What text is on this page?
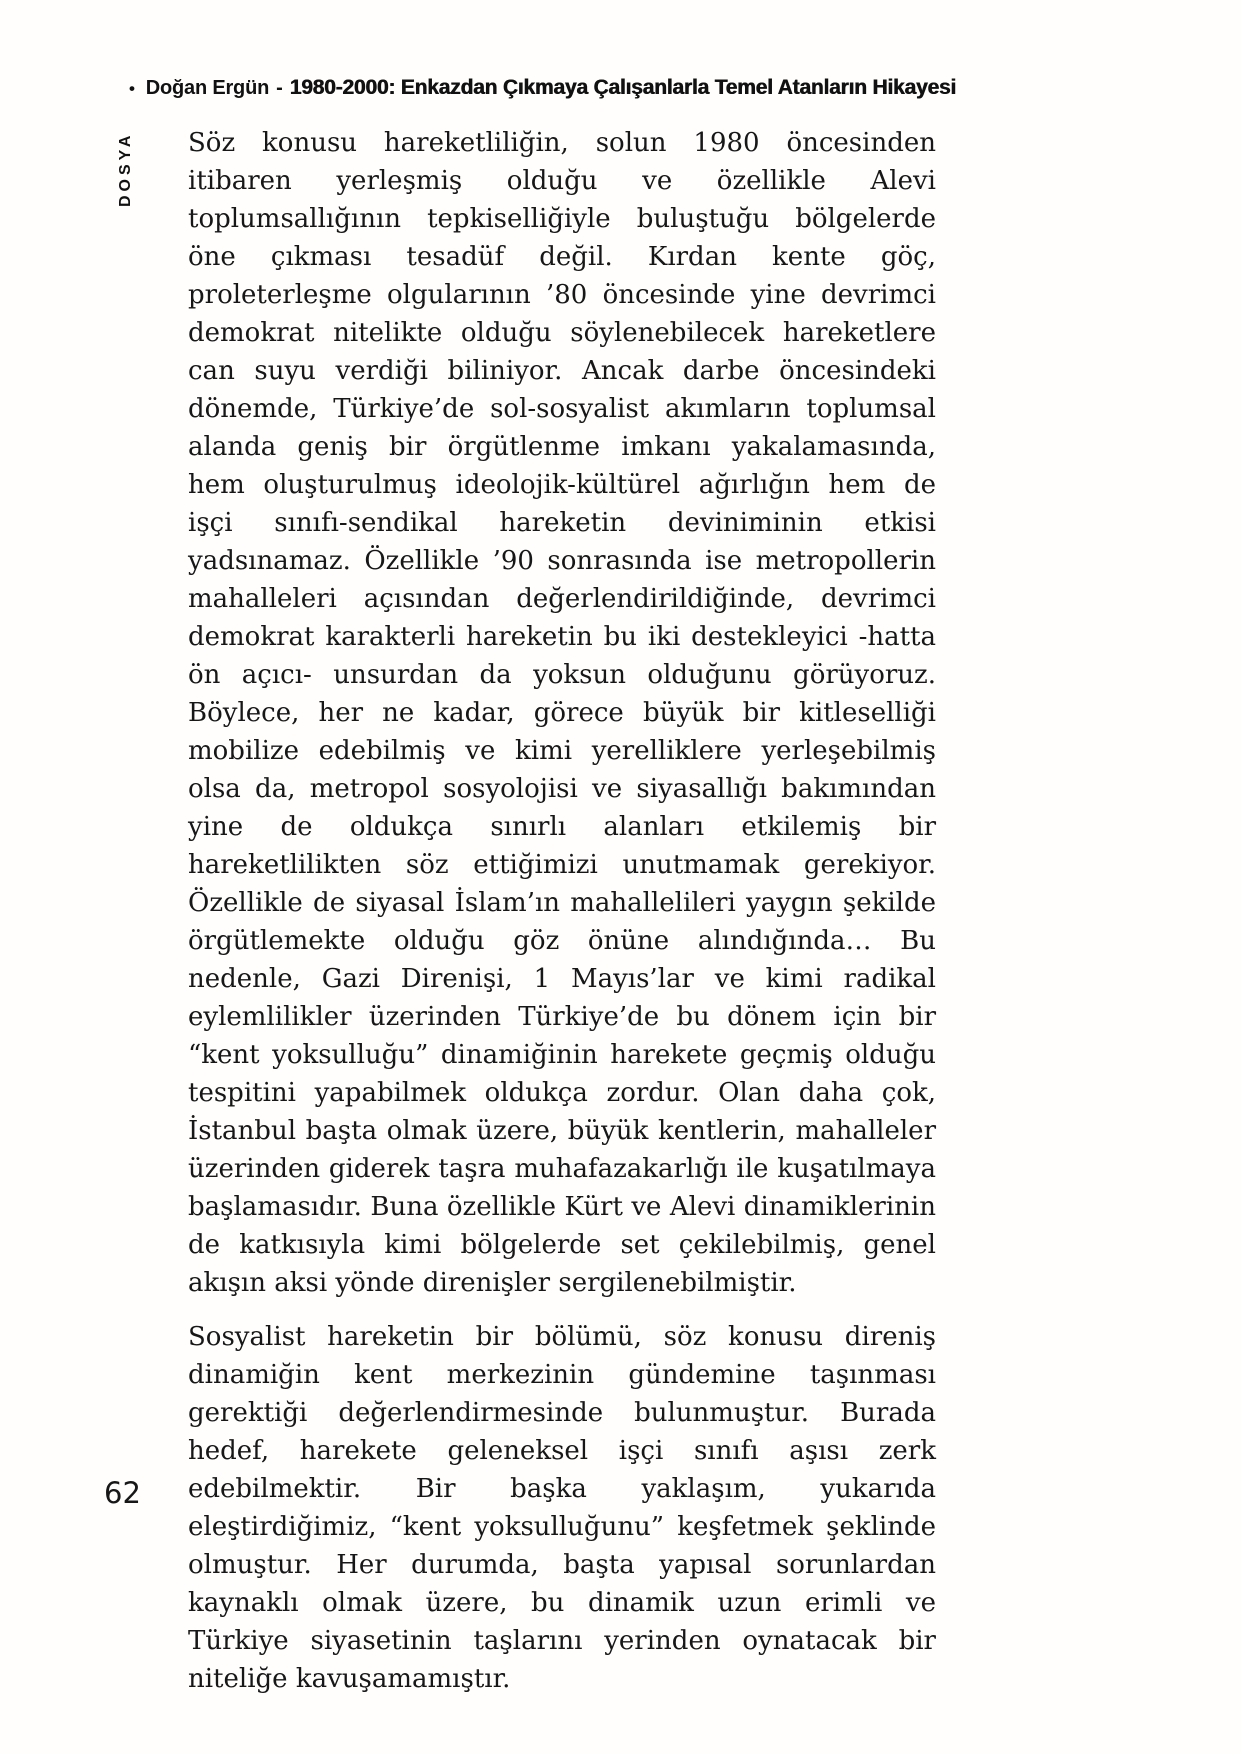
• Doğan Ergün - 1980-2000: Enkazdan Çıkmaya Çalışanlarla Temel Atanların Hikayesi
DOSYA Söz konusu hareketliliğin, solun 1980 öncesinden itibaren yerleşmiş olduğu ve özellikle Alevi toplumsallığının tepkiselliğiyle buluştuğu bölgelerde öne çıkması tesadüf değil. Kırdan kente göç, proleterleşme olgularının ’80 öncesinde yine devrimci demokrat nitelikte olduğu söylenebilecek hareketlere can suyu verdiği biliniyor. Ancak darbe öncesindeki dönemde, Türkiye’de sol-sosyalist akımların toplumsal alanda geniş bir örgütlenme imkanı yakalamasında, hem oluşturulmuş ideolojik-kültürel ağırlığın hem de işçi sınıfı-sendikal hareketin deviniminin etkisi yadsınamaz. Özellikle ’90 sonrasında ise metropollerin mahalleleri açısından değerlendirildiğinde, devrimci demokrat karakterli hareketin bu iki destekleyici -hatta ön açıcı- unsurdan da yoksun olduğunu görüyoruz. Böylece, her ne kadar, görece büyük bir kitleselliği mobilize edebilmiş ve kimi yerelliklere yerleşebilmiş olsa da, metropol sosyolojisi ve siyasallığı bakımından yine de oldukça sınırlı alanları etkilemiş bir hareketlilikten söz ettiğimizi unutmamak gerekiyor. Özellikle de siyasal İslam’ın mahallelileri yaygın şekilde örgütlemekte olduğu göz önüne alındığında… Bu nedenle, Gazi Direnişi, 1 Mayıs’lar ve kimi radikal eylemlilikler üzerinden Türkiye’de bu dönem için bir “kent yoksulluğu” dinamiğinin harekete geçmiş olduğu tespitini yapabilmek oldukça zordur. Olan daha çok, İstanbul başta olmak üzere, büyük kentlerin, mahalleler üzerinden giderek taşra muhafazakarlığı ile kuşatılmaya başlamasıdır. Buna özellikle Kürt ve Alevi dinamiklerinin de katkısıyla kimi bölgelerde set çekilebilmiş, genel akışın aksi yönde direnişler sergilenebilmiştir.

Sosyalist hareketin bir bölümü, söz konusu direniş dinamiğin kent merkezinin gündemine taşınması gerektiği değerlendirmesinde bulunmuştur. Burada hedef, harekete geleneksel işçi sınıfı aşısı zerk edebilmektir. Bir başka yaklaşım, yukarıda eleştirdiğimiz, “kent yoksulluğunu” keşfetmek şeklinde olmuştur. Her durumda, başta yapısal sorunlardan kaynaklı olmak üzere, bu dinamik uzun erimli ve Türkiye siyasetinin taşlarını yerinden oynatacak bir niteliğe kavuşamamıştır.

62
